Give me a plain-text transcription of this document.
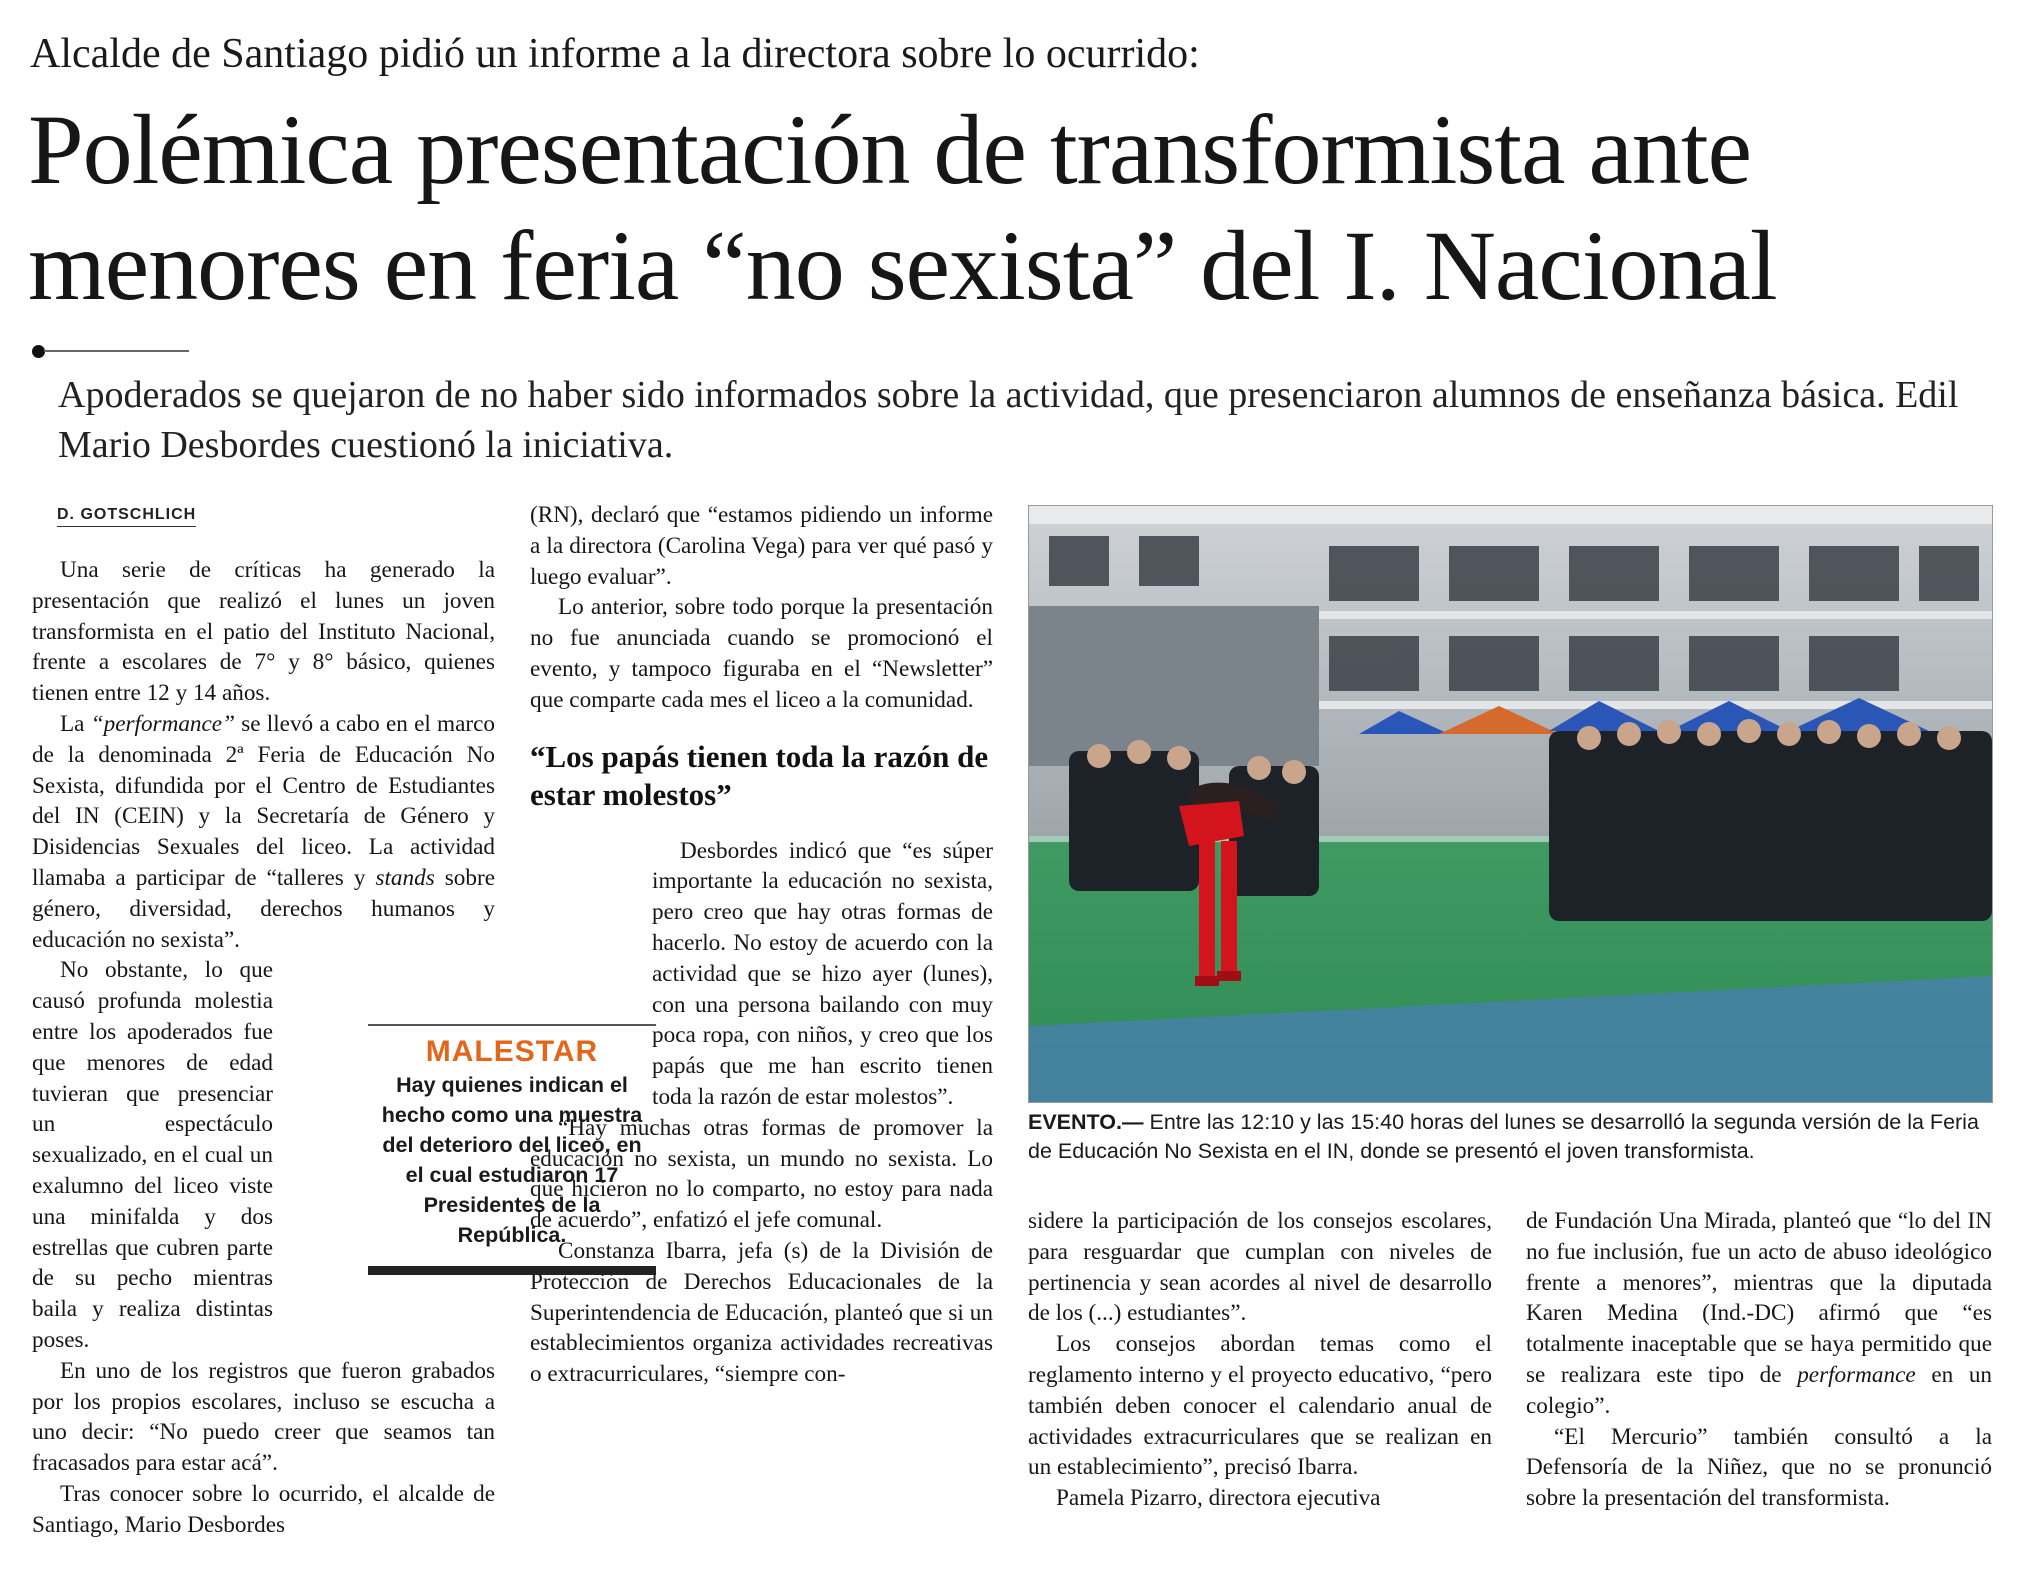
Alcalde de Santiago pidió un informe a la directora sobre lo ocurrido:
Polémica presentación de transformista ante
menores en feria “no sexista” del I. Nacional
Apoderados se quejaron de no haber sido informados sobre la actividad, que presenciaron alumnos de enseñanza básica. Edil Mario Desbordes cuestionó la iniciativa.
D. GOTSCHLICH

Una serie de críticas ha generado la presentación que realizó el lunes un joven transformista en el patio del Instituto Nacional, frente a escolares de 7° y 8° básico, quienes tienen entre 12 y 14 años.

La “performance” se llevó a cabo en el marco de la denominada 2ª Feria de Educación No Sexista, difundida por el Centro de Estudiantes del IN (CEIN) y la Secretaría de Género y Disidencias Sexuales del liceo. La actividad llamaba a participar de “talleres y stands sobre género, diversidad, derechos humanos y educación no sexista”.

No obstante, lo que causó profunda molestia entre los apoderados fue que menores de edad tuvieran que presenciar un espectáculo sexualizado, en el cual un exalumno del liceo viste una minifalda y dos estrellas que cubren parte de su pecho mientras baila y realiza distintas poses.

En uno de los registros que fueron grabados por los propios escolares, incluso se escucha a uno decir: “No puedo creer que seamos tan fracasados para estar acá”.

Tras conocer sobre lo ocurrido, el alcalde de Santiago, Mario Desbordes

(RN), declaró que “estamos pidiendo un informe a la directora (Carolina Vega) para ver qué pasó y luego evaluar”.

Lo anterior, sobre todo porque la presentación no fue anunciada cuando se promocionó el evento, y tampoco figuraba en el “Newsletter” que comparte cada mes el liceo a la comunidad.

“Los papás tienen toda la razón de estar molestos”

Desbordes indicó que “es súper importante la educación no sexista, pero creo que hay otras formas de hacerlo. No estoy de acuerdo con la actividad que se hizo ayer (lunes), con una persona bailando con muy poca ropa, con niños, y creo que los papás que me han escrito tienen toda la razón de estar molestos”.

“Hay muchas otras formas de promover la educación no sexista, un mundo no sexista. Lo que hicieron no lo comparto, no estoy para nada de acuerdo”, enfatizó el jefe comunal.

Constanza Ibarra, jefa (s) de la División de Protección de Derechos Educacionales de la Superintendencia de Educación, planteó que si un establecimientos organiza actividades recreativas o extracurriculares, “siempre con-

MALESTAR
Hay quienes indican el hecho como una muestra del deterioro del liceo, en el cual estudiaron 17 Presidentes de la República.
EVENTO.— Entre las 12:10 y las 15:40 horas del lunes se desarrolló la segunda versión de la Feria de Educación No Sexista en el IN, donde se presentó el joven transformista.

sidere la participación de los consejos escolares, para resguardar que cumplan con niveles de pertinencia y sean acordes al nivel de desarrollo de los (...) estudiantes”.

Los consejos abordan temas como el reglamento interno y el proyecto educativo, “pero también deben conocer el calendario anual de actividades extracurriculares que se realizan en un establecimiento”, precisó Ibarra.

Pamela Pizarro, directora ejecutiva

de Fundación Una Mirada, planteó que “lo del IN no fue inclusión, fue un acto de abuso ideológico frente a menores”, mientras que la diputada Karen Medina (Ind.-DC) afirmó que “es totalmente inaceptable que se haya permitido que se realizara este tipo de performance en un colegio”.

“El Mercurio” también consultó a la Defensoría de la Niñez, que no se pronunció sobre la presentación del transformista.
